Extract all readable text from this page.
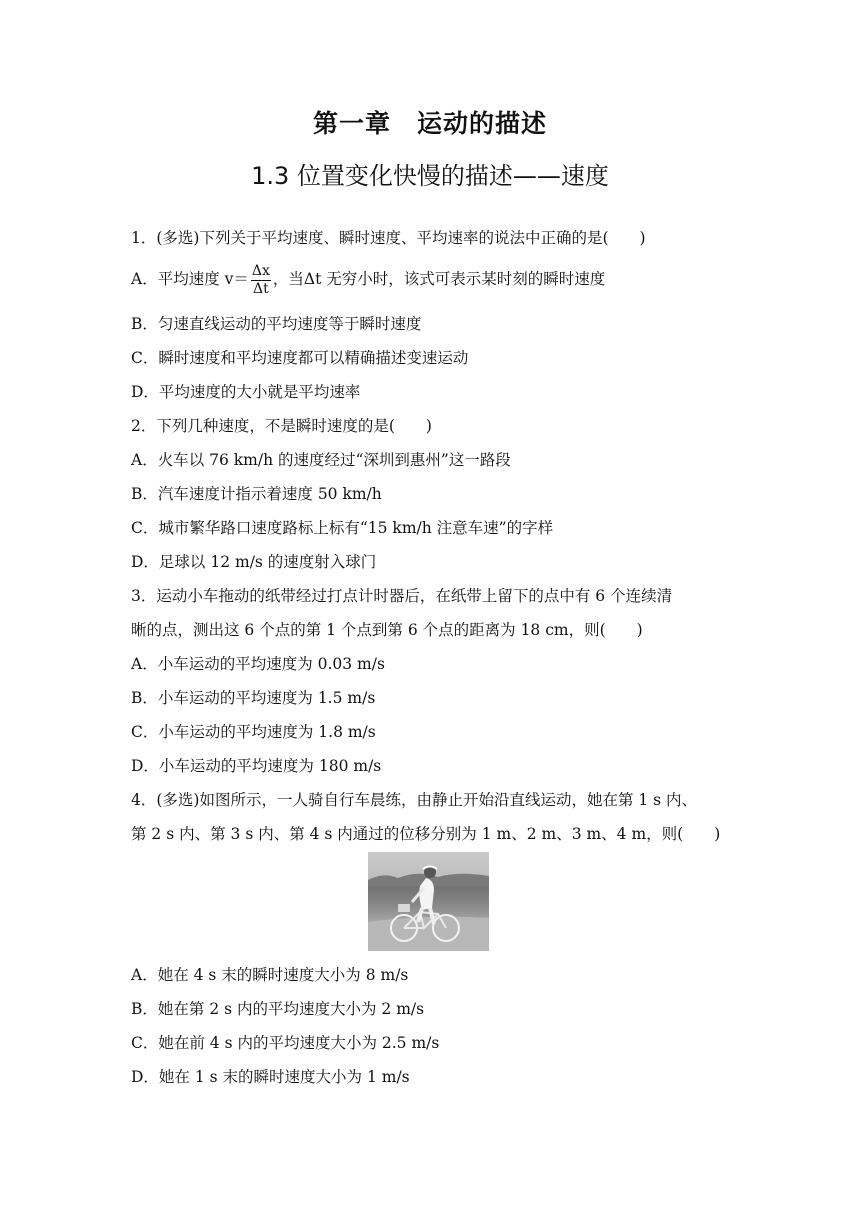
第一章　运动的描述
1.3 位置变化快慢的描述——速度
1．(多选)下列关于平均速度、瞬时速度、平均速率的说法中正确的是(　　)
A．平均速度 $v= \frac{\Delta x}{\Delta t}$ ，当Δt 无穷小时，该式可表示某时刻的瞬时速度
B．匀速直线运动的平均速度等于瞬时速度
C．瞬时速度和平均速度都可以精确描述变速运动
D．平均速度的大小就是平均速率
2．下列几种速度，不是瞬时速度的是(　　)
A．火车以 76 km/h 的速度经过“深圳到惠州”这一路段
B．汽车速度计指示着速度 50 km/h
C．城市繁华路口速度路标上标有“15 km/h 注意车速”的字样
D．足球以 12 m/s 的速度射入球门
3．运动小车拖动的纸带经过打点计时器后，在纸带上留下的点中有 6 个连续清
晰的点，测出这 6 个点的第 1 个点到第 6 个点的距离为 18 cm，则(　　)
A．小车运动的平均速度为 0.03 m/s
B．小车运动的平均速度为 1.5 m/s
C．小车运动的平均速度为 1.8 m/s
D．小车运动的平均速度为 180 m/s
4．(多选)如图所示，一人骑自行车晨练，由静止开始沿直线运动，她在第 1 s 内、
第 2 s 内、第 3 s 内、第 4 s 内通过的位移分别为 1 m、2 m、3 m、4 m，则(　　)
A．她在 4 s 末的瞬时速度大小为 8 m/s
B．她在第 2 s 内的平均速度大小为 2 m/s
C．她在前 4 s 内的平均速度大小为 2.5 m/s
D．她在 1 s 末的瞬时速度大小为 1 m/s
